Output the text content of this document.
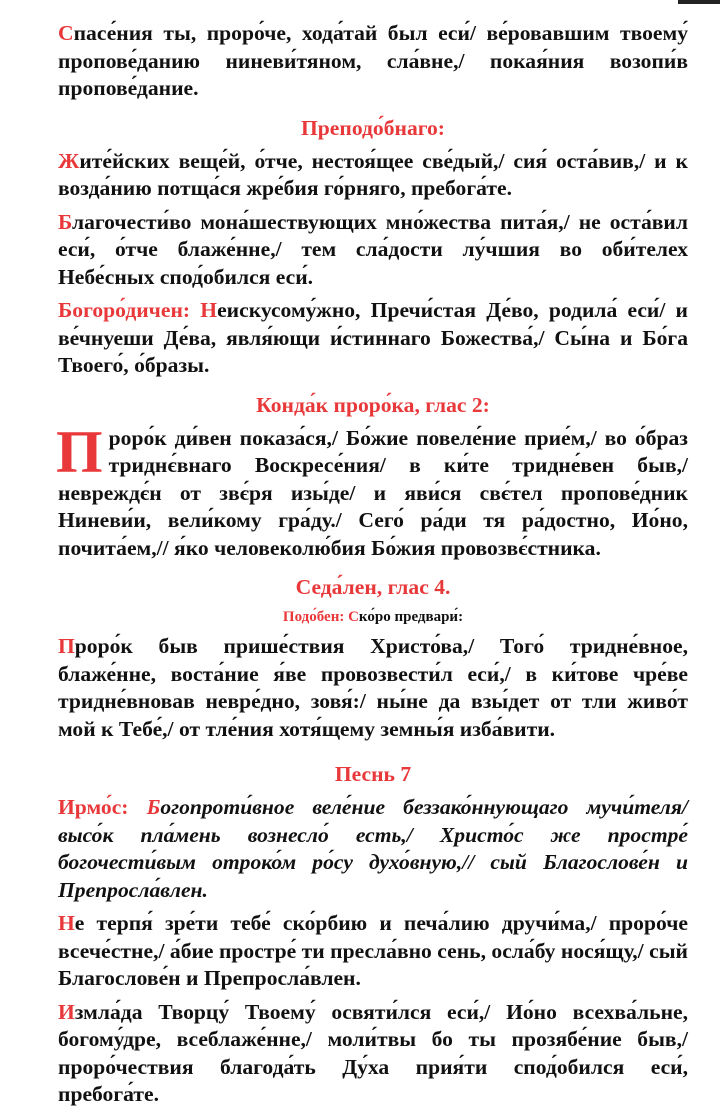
Спасе́ния ты, проро́че, хода́тай был еси́/ ве́ровавшим твоему́ пропове́данию ниневи́тяном, сла́вне,/ покая́ния возопи́в пропове́дание.

Преподо́бнаго:

Жите́йских веще́й, о́тче, нестоя́щее све́дый,/ сия́ оста́вив,/ и к возда́нию потща́ся жре́бия го́рняго, пребога́те.

Благочести́во мона́шествующих мно́жества пита́я,/ не оста́вил еси́, о́тче блаже́нне,/ тем сла́дости лу́чшия во оби́телех Небе́сных спод́обился еси́.

Богоро́дичен: Неискусому́жно, Пречи́стая Де́во, родила́ еси́/ и ве́чнуеши Де́ва, явля́ющи и́стиннаго Божества́,/ Сы́на и Бо́га Твоего́, о́бразы.

Конда́к проро́ка, глас 2:

Проро́к ди́вен показа́ся,/ Бо́жие повеле́ние прие́м,/ во о́браз триднє́внаго Воскресе́ния/ в ки́те тридне́вен быв,/ невреждє́н от звє́ря изы́де/ и яви́ся свє́тел пропове́дник Ниневи́и, вели́кому гра́ду./ Сего́ ра́ди тя ра́достно, Ио́но, почита́ем,// я́ко человеколю́бия Бо́жия провозвє́стника.

Седа́лен, глас 4.

Подо́бен: Ско́ро предвари́:

Проро́к быв прише́ствия Христо́ва,/ Того́ тридне́вное, блаже́нне, воста́ние я́ве провозвести́л еси́,/ в ки́тове чре́ве тридне́вновав невре́дно, зовя́:/ ны́не да взы́дет от тли живо́т мой к Тебе́,/ от тле́ния хотя́щему земны́я изба́вити.

Песнь 7

Ирмо́с: Богопроти́вное веле́ние беззако́ннующаго мучи́теля/ высо́к пла́мень вознесло́ есть,/ Христо́с же простре́ богочести́вым отроко́м ро́су духо́вную,// сый Благослове́н и Препросла́влен.

Не терпя́ зре́ти тебе́ ско́рбию и печа́лию дручи́ма,/ проро́че всече́стне,/ а́бие простре́ ти пресла́вно сень, осла́бу нося́щу,/ сый Благослове́н и Препросла́влен.

Измла́да Творцу́ Твоему́ освяти́лся еси́,/ Ио́но всехва́льне, богому́дре, всеблаже́нне,/ моли́твы бо ты прозябе́ние быв,/ проро́чествия благода́ть Ду́ха прия́ти спод́обился еси́, пребога́те.
